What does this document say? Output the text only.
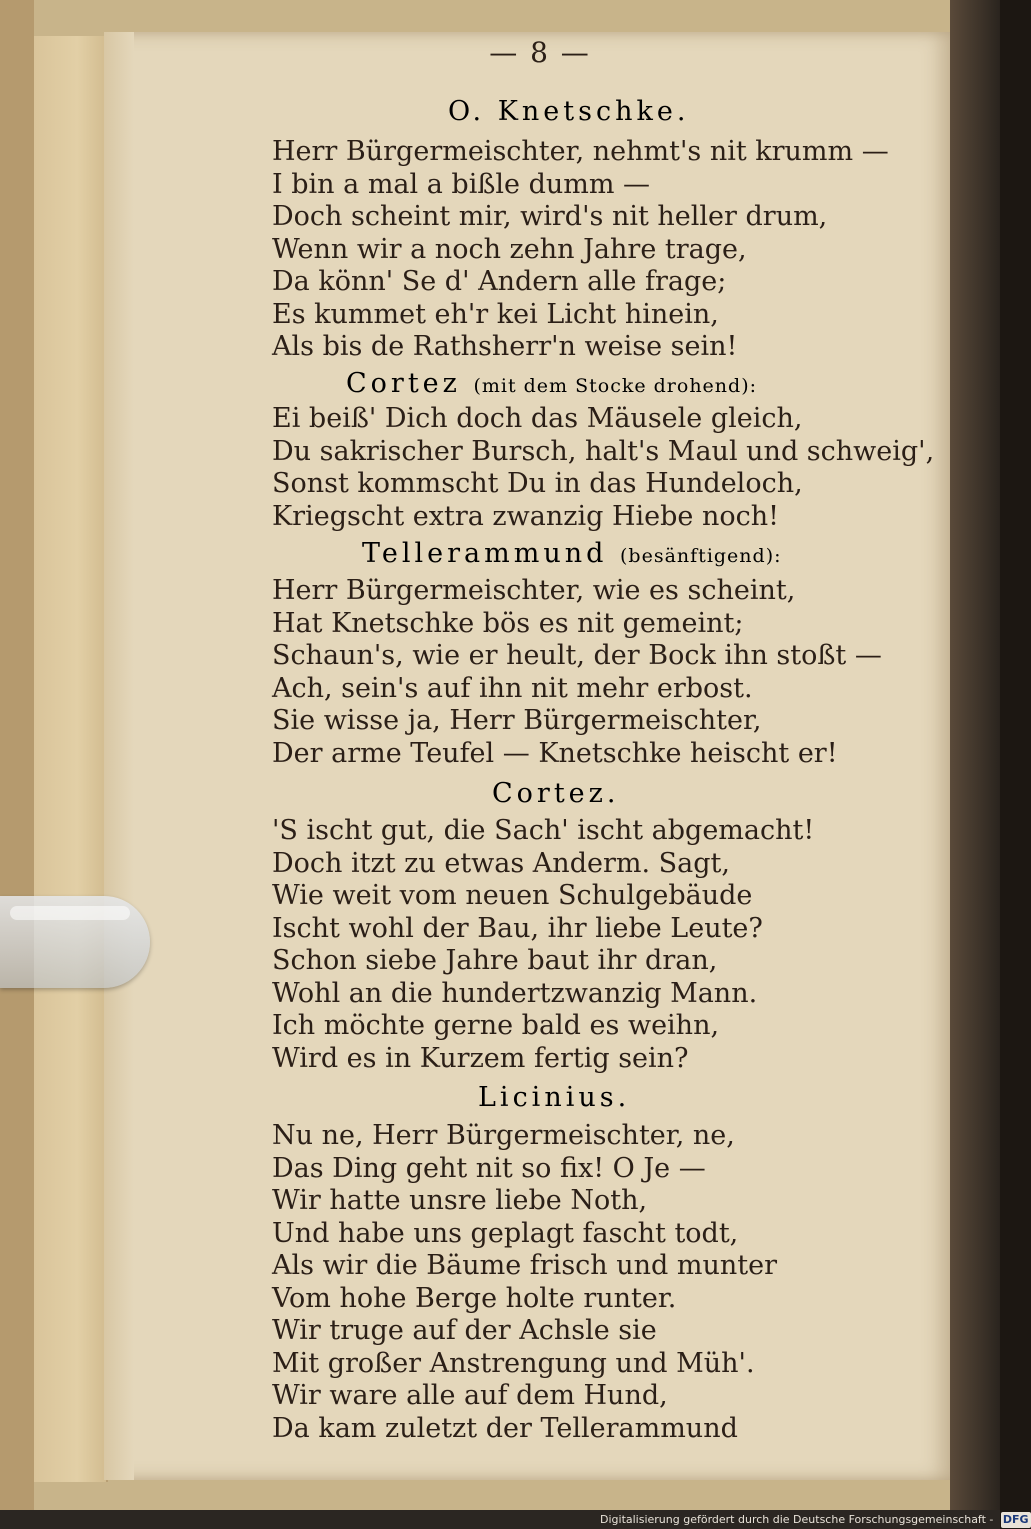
— 8 —
O. Knetschke.
Herr Bürgermeischter, nehmt's nit krumm —
I bin a mal a bißle dumm —
Doch scheint mir, wird's nit heller drum,
Wenn wir a noch zehn Jahre trage,
Da könn' Se d' Andern alle frage;
Es kummet eh'r kei Licht hinein,
Als bis de Rathsherr'n weise sein!
Cortez (mit dem Stocke drohend):
Ei beiß' Dich doch das Mäusele gleich,
Du sakrischer Bursch, halt's Maul und schweig',
Sonst kommscht Du in das Hundeloch,
Kriegscht extra zwanzig Hiebe noch!
Tellerammund (besänftigend):
Herr Bürgermeischter, wie es scheint,
Hat Knetschke bös es nit gemeint;
Schaun's, wie er heult, der Bock ihn stoßt —
Ach, sein's auf ihn nit mehr erbost.
Sie wisse ja, Herr Bürgermeischter,
Der arme Teufel — Knetschke heischt er!
Cortez.
'S ischt gut, die Sach' ischt abgemacht!
Doch itzt zu etwas Anderm. Sagt,
Wie weit vom neuen Schulgebäude
Ischt wohl der Bau, ihr liebe Leute?
Schon siebe Jahre baut ihr dran,
Wohl an die hundertzwanzig Mann.
Ich möchte gerne bald es weihn,
Wird es in Kurzem fertig sein?
Licinius.
Nu ne, Herr Bürgermeischter, ne,
Das Ding geht nit so fix! O Je —
Wir hatte unsre liebe Noth,
Und habe uns geplagt fascht todt,
Als wir die Bäume frisch und munter
Vom hohe Berge holte runter.
Wir truge auf der Achsle sie
Mit großer Anstrengung und Müh'.
Wir ware alle auf dem Hund,
Da kam zuletzt der Tellerammund
Digitalisierung gefördert durch die Deutsche Forschungsgemeinschaft - DFG
